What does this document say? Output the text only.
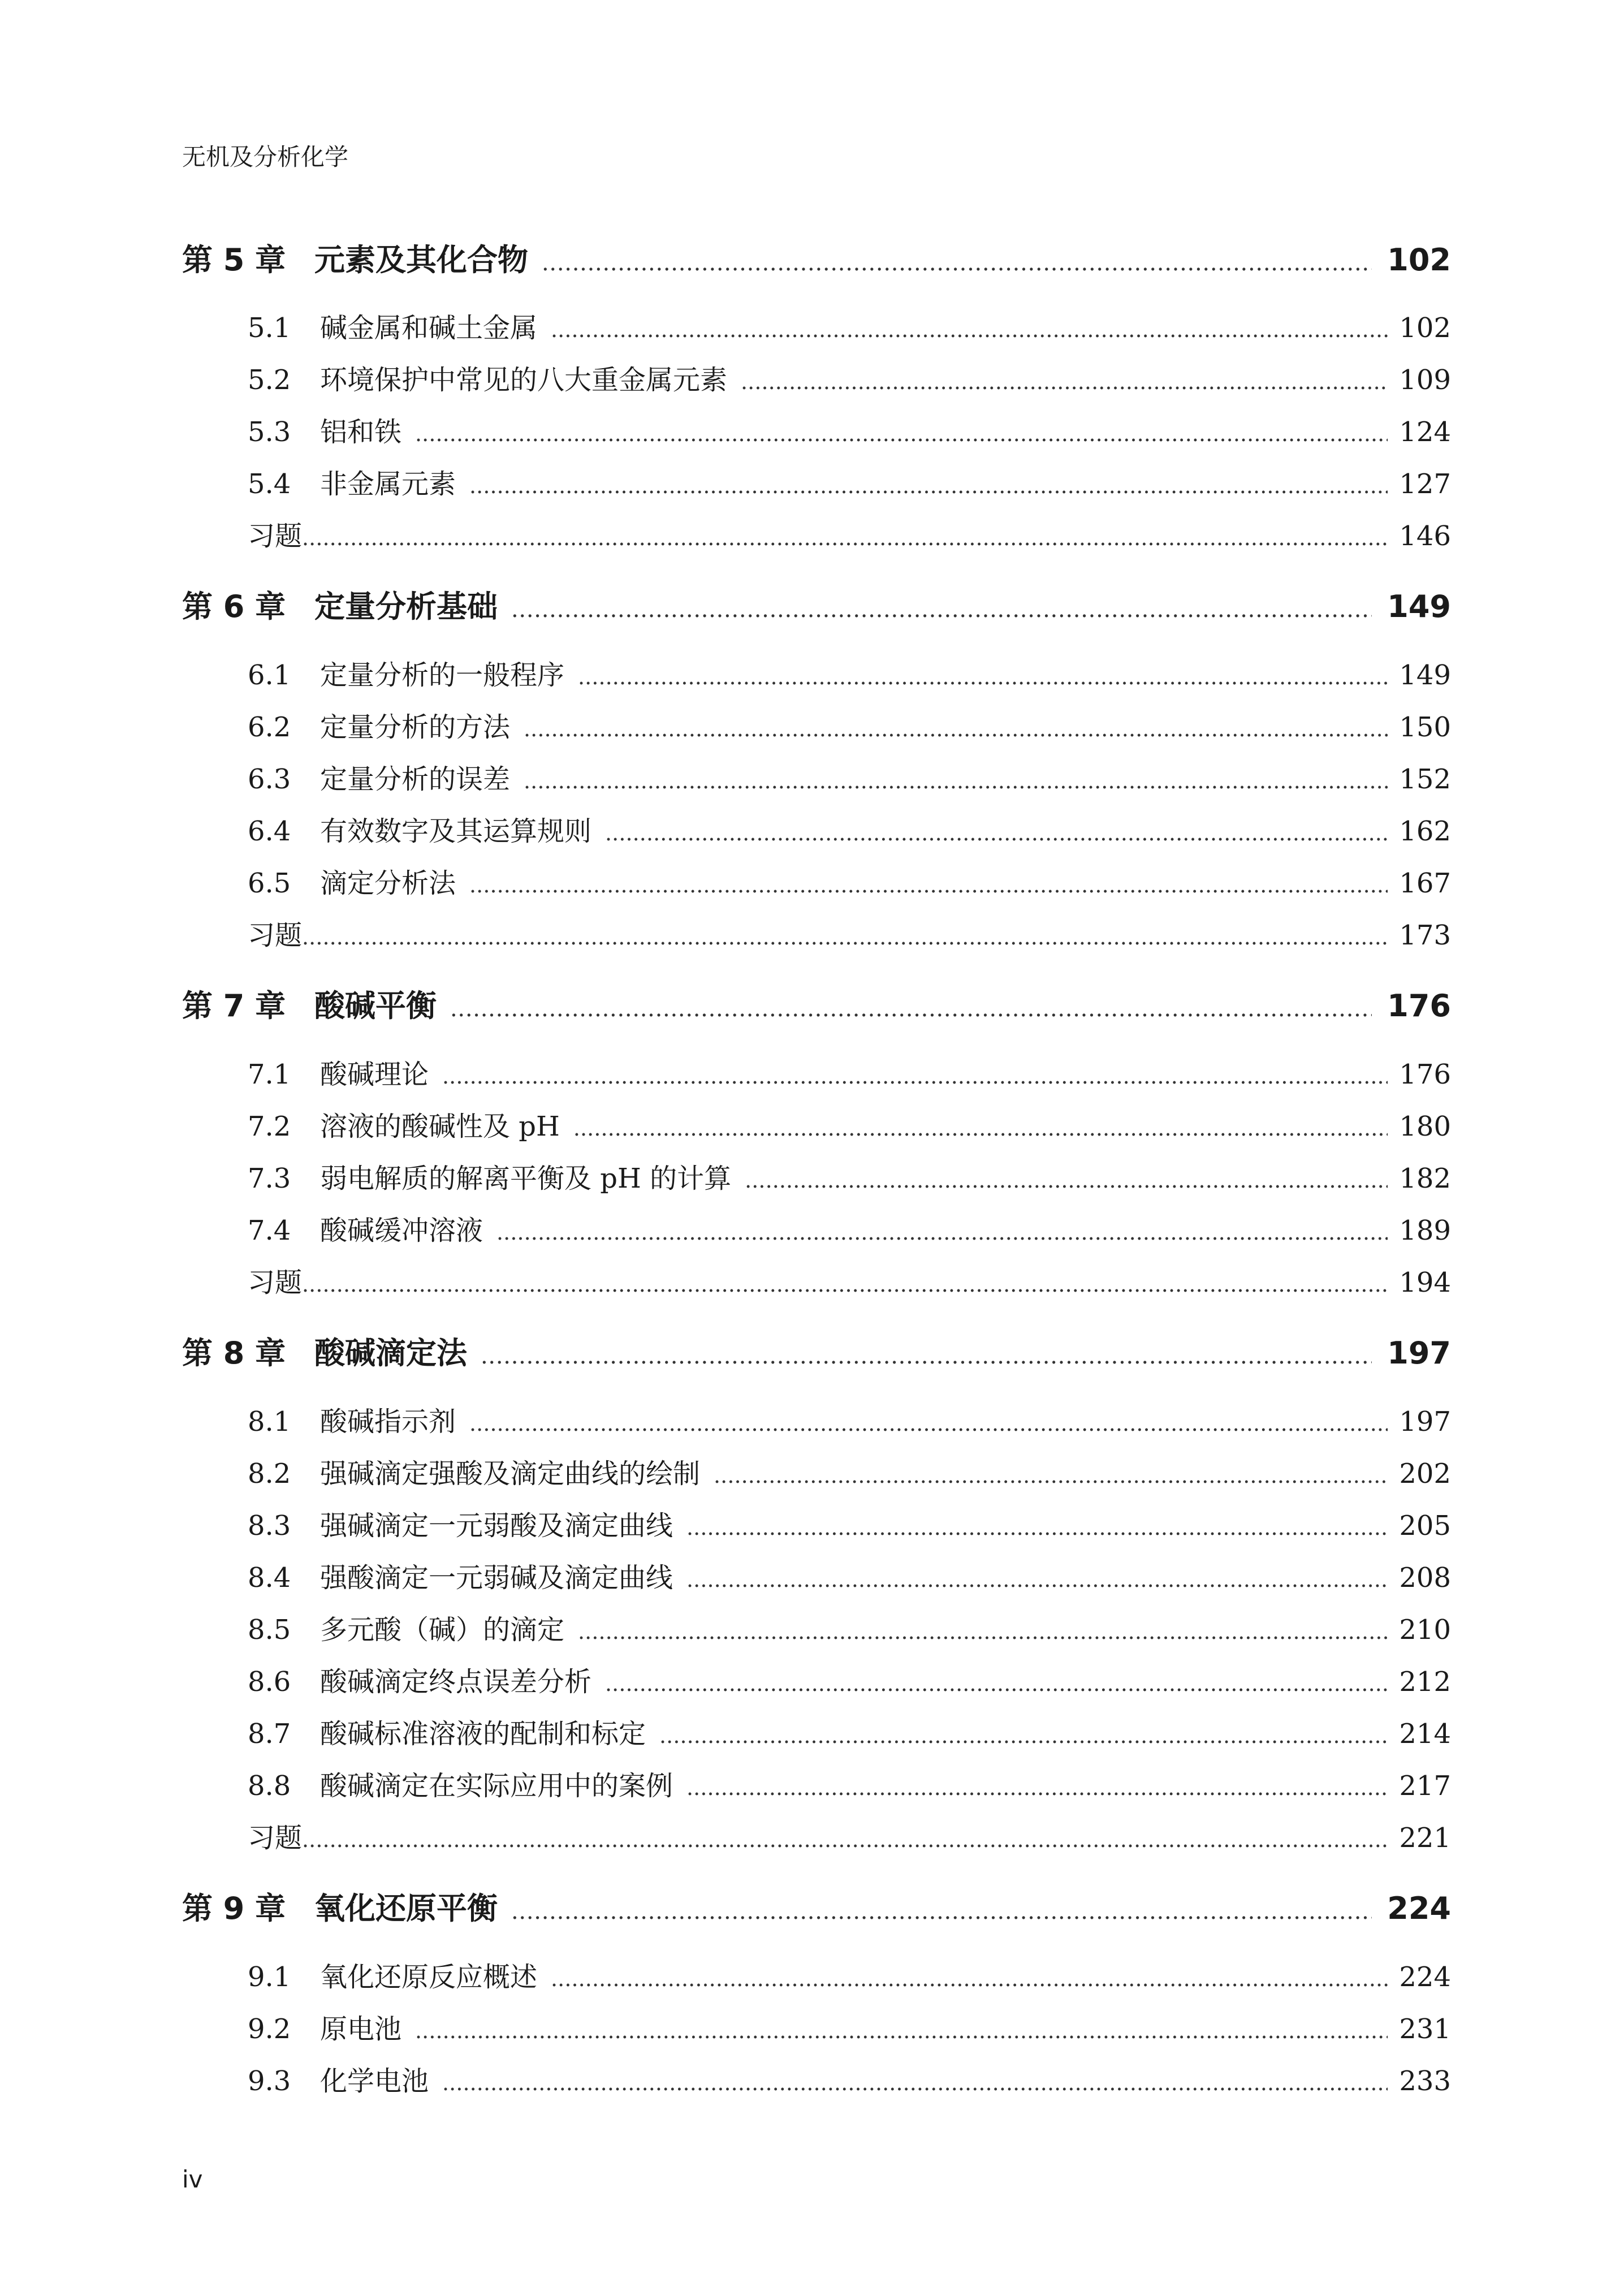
无机及分析化学
第 5 章 元素及其化合物 . . .	102
5.1	碱金属和碱土金属 . . .	102
5.2	环境保护中常见的八大重金属元素 . . .	109
5.3	铝和铁 . . .	124
5.4	非金属元素 . . .	127
习题 . . .	146
第 6 章 定量分析基础 . . .	149
6.1	定量分析的一般程序 . . .	149
6.2	定量分析的方法 . . .	150
6.3	定量分析的误差 . . .	152
6.4	有效数字及其运算规则 . . .	162
6.5	滴定分析法 . . .	167
习题 . . .	173
第 7 章 酸碱平衡 . . .	176
7.1	酸碱理论 . . .	176
7.2	溶液的酸碱性及 pH . . .	180
7.3	弱电解质的解离平衡及 pH 的计算 . . .	182
7.4	酸碱缓冲溶液 . . .	189
习题 . . .	194
第 8 章 酸碱滴定法 . . .	197
8.1	酸碱指示剂 . . .	197
8.2	强碱滴定强酸及滴定曲线的绘制 . . .	202
8.3	强碱滴定一元弱酸及滴定曲线 . . .	205
8.4	强酸滴定一元弱碱及滴定曲线 . . .	208
8.5	多元酸（碱）的滴定 . . .	210
8.6	酸碱滴定终点误差分析 . . .	212
8.7	酸碱标准溶液的配制和标定 . . .	214
8.8	酸碱滴定在实际应用中的案例 . . .	217
习题 . . .	221
第 9 章 氧化还原平衡 . . .	224
9.1	氧化还原反应概述 . . .	224
9.2	原电池 . . .	231
9.3	化学电池 . . .	233
iv
